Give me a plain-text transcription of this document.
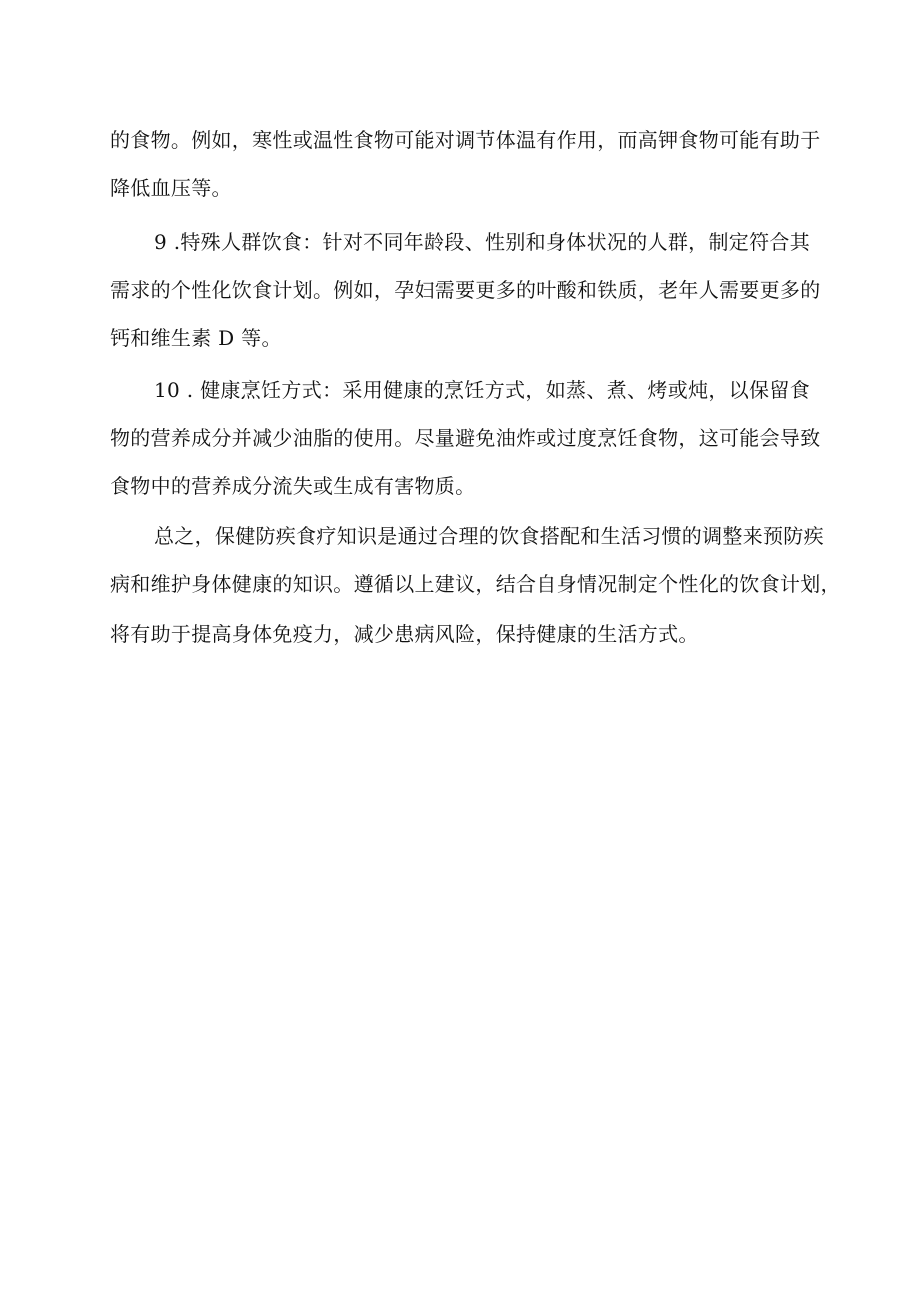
的食物。例如，寒性或温性食物可能对调节体温有作用，而高钾食物可能有助于
降低血压等。
9 .特殊人群饮食：针对不同年龄段、性别和身体状况的人群，制定符合其
需求的个性化饮食计划。例如，孕妇需要更多的叶酸和铁质，老年人需要更多的
钙和维生素 D 等。
10 . 健康烹饪方式：采用健康的烹饪方式，如蒸、煮、烤或炖，以保留食
物的营养成分并减少油脂的使用。尽量避免油炸或过度烹饪食物，这可能会导致
食物中的营养成分流失或生成有害物质。
总之，保健防疾食疗知识是通过合理的饮食搭配和生活习惯的调整来预防疾
病和维护身体健康的知识。遵循以上建议，结合自身情况制定个性化的饮食计划，
将有助于提高身体免疫力，减少患病风险，保持健康的生活方式。
